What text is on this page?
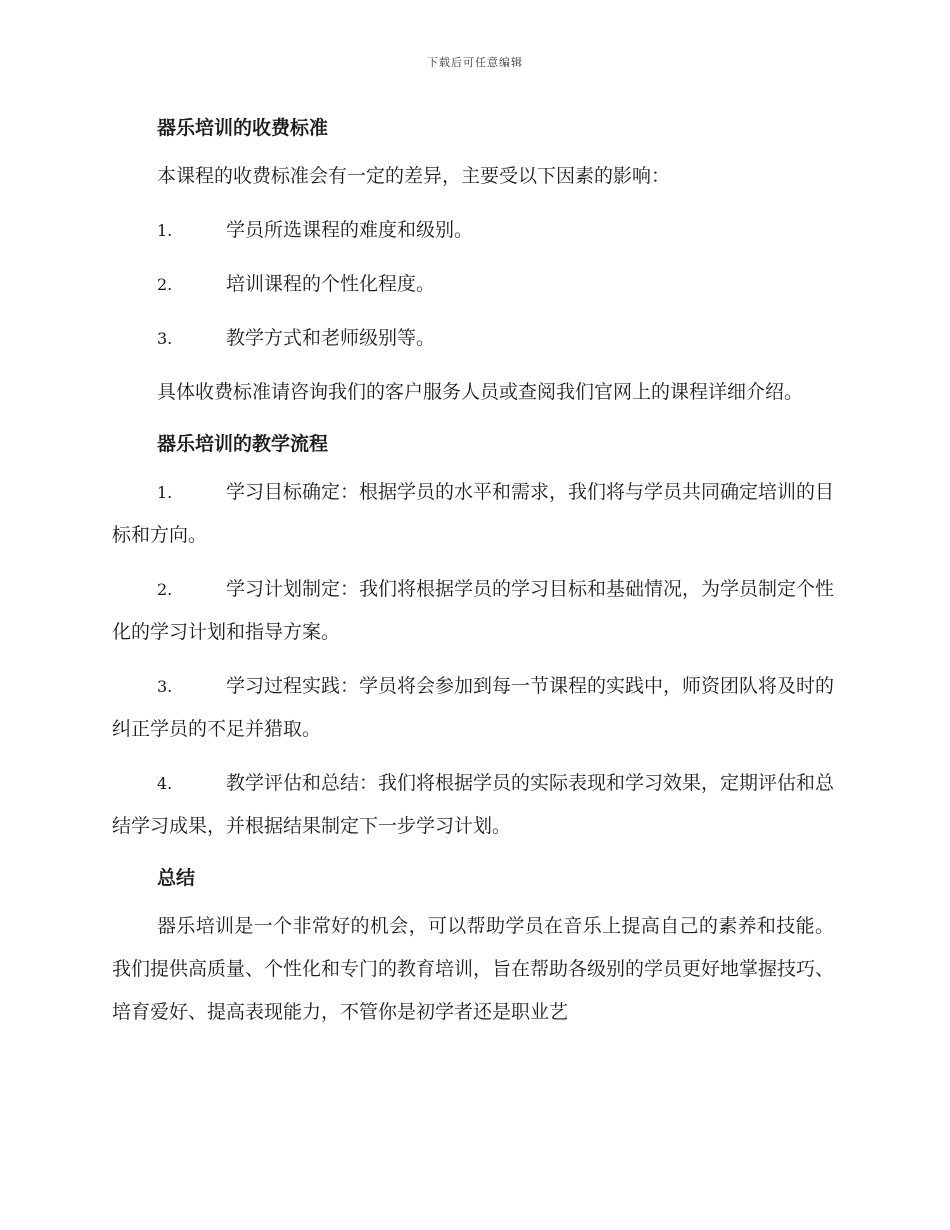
下载后可任意编辑
器乐培训的收费标准

本课程的收费标准会有一定的差异，主要受以下因素的影响：

1.	学员所选课程的难度和级别。

2.	培训课程的个性化程度。

3.	教学方式和老师级别等。

具体收费标准请咨询我们的客户服务人员或查阅我们官网上的课程详细介绍。

器乐培训的教学流程

1.	学习目标确定：根据学员的水平和需求，我们将与学员共同确定培训的目标和方向。

2.	学习计划制定：我们将根据学员的学习目标和基础情况，为学员制定个性化的学习计划和指导方案。

3.	学习过程实践：学员将会参加到每一节课程的实践中，师资团队将及时的纠正学员的不足并猎取。

4.	教学评估和总结：我们将根据学员的实际表现和学习效果，定期评估和总结学习成果，并根据结果制定下一步学习计划。

总结

器乐培训是一个非常好的机会，可以帮助学员在音乐上提高自己的素养和技能。我们提供高质量、个性化和专门的教育培训，旨在帮助各级别的学员更好地掌握技巧、培育爱好、提高表现能力，不管你是初学者还是职业艺
